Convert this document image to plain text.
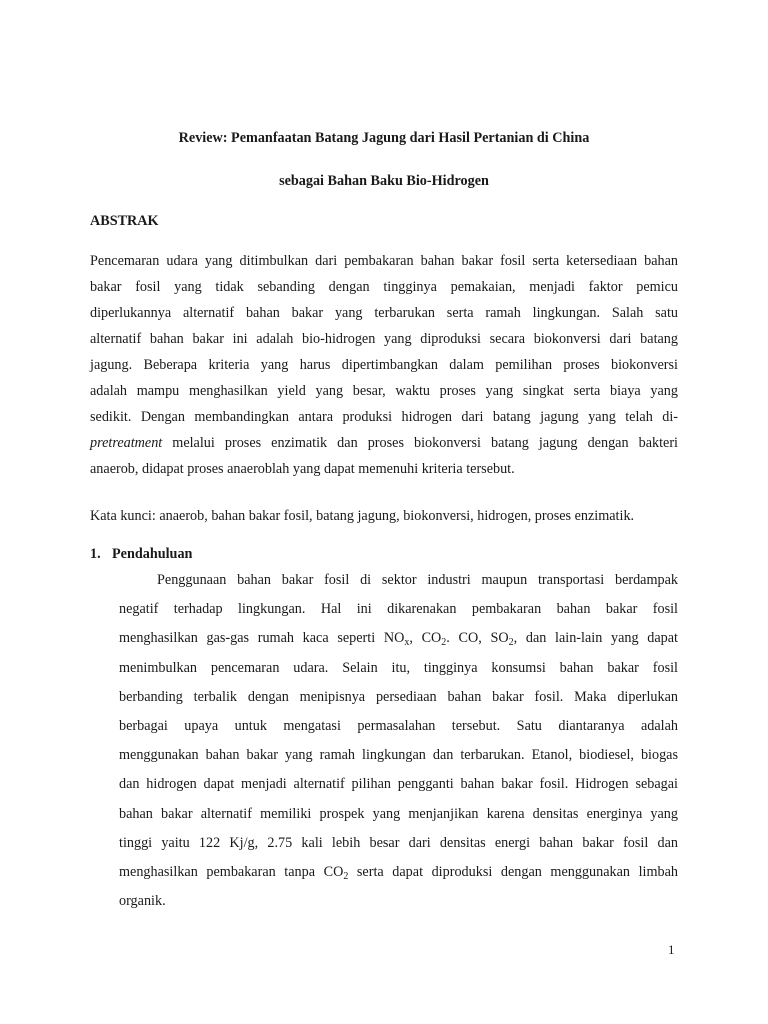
Review: Pemanfaatan Batang Jagung dari Hasil Pertanian di China
sebagai Bahan Baku Bio-Hidrogen
ABSTRAK
Pencemaran udara yang ditimbulkan dari pembakaran bahan bakar fosil serta ketersediaan bahan
bakar fosil yang tidak sebanding dengan tingginya pemakaian, menjadi faktor pemicu
diperlukannya alternatif bahan bakar yang terbarukan serta ramah lingkungan. Salah satu
alternatif bahan bakar ini adalah bio-hidrogen yang diproduksi secara biokonversi dari batang
jagung. Beberapa kriteria yang harus dipertimbangkan dalam pemilihan proses biokonversi
adalah mampu menghasilkan yield yang besar, waktu proses yang singkat serta biaya yang
sedikit. Dengan membandingkan antara produksi hidrogen dari batang jagung yang telah di-
pretreatment melalui proses enzimatik dan proses biokonversi batang jagung dengan bakteri
anaerob, didapat proses anaeroblah yang dapat memenuhi kriteria tersebut.
Kata kunci: anaerob, bahan bakar fosil, batang jagung, biokonversi, hidrogen, proses enzimatik.
1. Pendahuluan
Penggunaan bahan bakar fosil di sektor industri maupun transportasi berdampak
negatif terhadap lingkungan. Hal ini dikarenakan pembakaran bahan bakar fosil
menghasilkan gas-gas rumah kaca seperti $NO_x$, $CO_2$. CO, $SO_2$, dan lain-lain yang dapat
menimbulkan pencemaran udara. Selain itu, tingginya konsumsi bahan bakar fosil
berbanding terbalik dengan menipisnya persediaan bahan bakar fosil. Maka diperlukan
berbagai upaya untuk mengatasi permasalahan tersebut. Satu diantaranya adalah
menggunakan bahan bakar yang ramah lingkungan dan terbarukan. Etanol, biodiesel, biogas
dan hidrogen dapat menjadi alternatif pilihan pengganti bahan bakar fosil. Hidrogen sebagai
bahan bakar alternatif memiliki prospek yang menjanjikan karena densitas energinya yang
tinggi yaitu 122 Kj/g, 2.75 kali lebih besar dari densitas energi bahan bakar fosil dan
menghasilkan pembakaran tanpa $CO_2$ serta dapat diproduksi dengan menggunakan limbah
organik.
1
